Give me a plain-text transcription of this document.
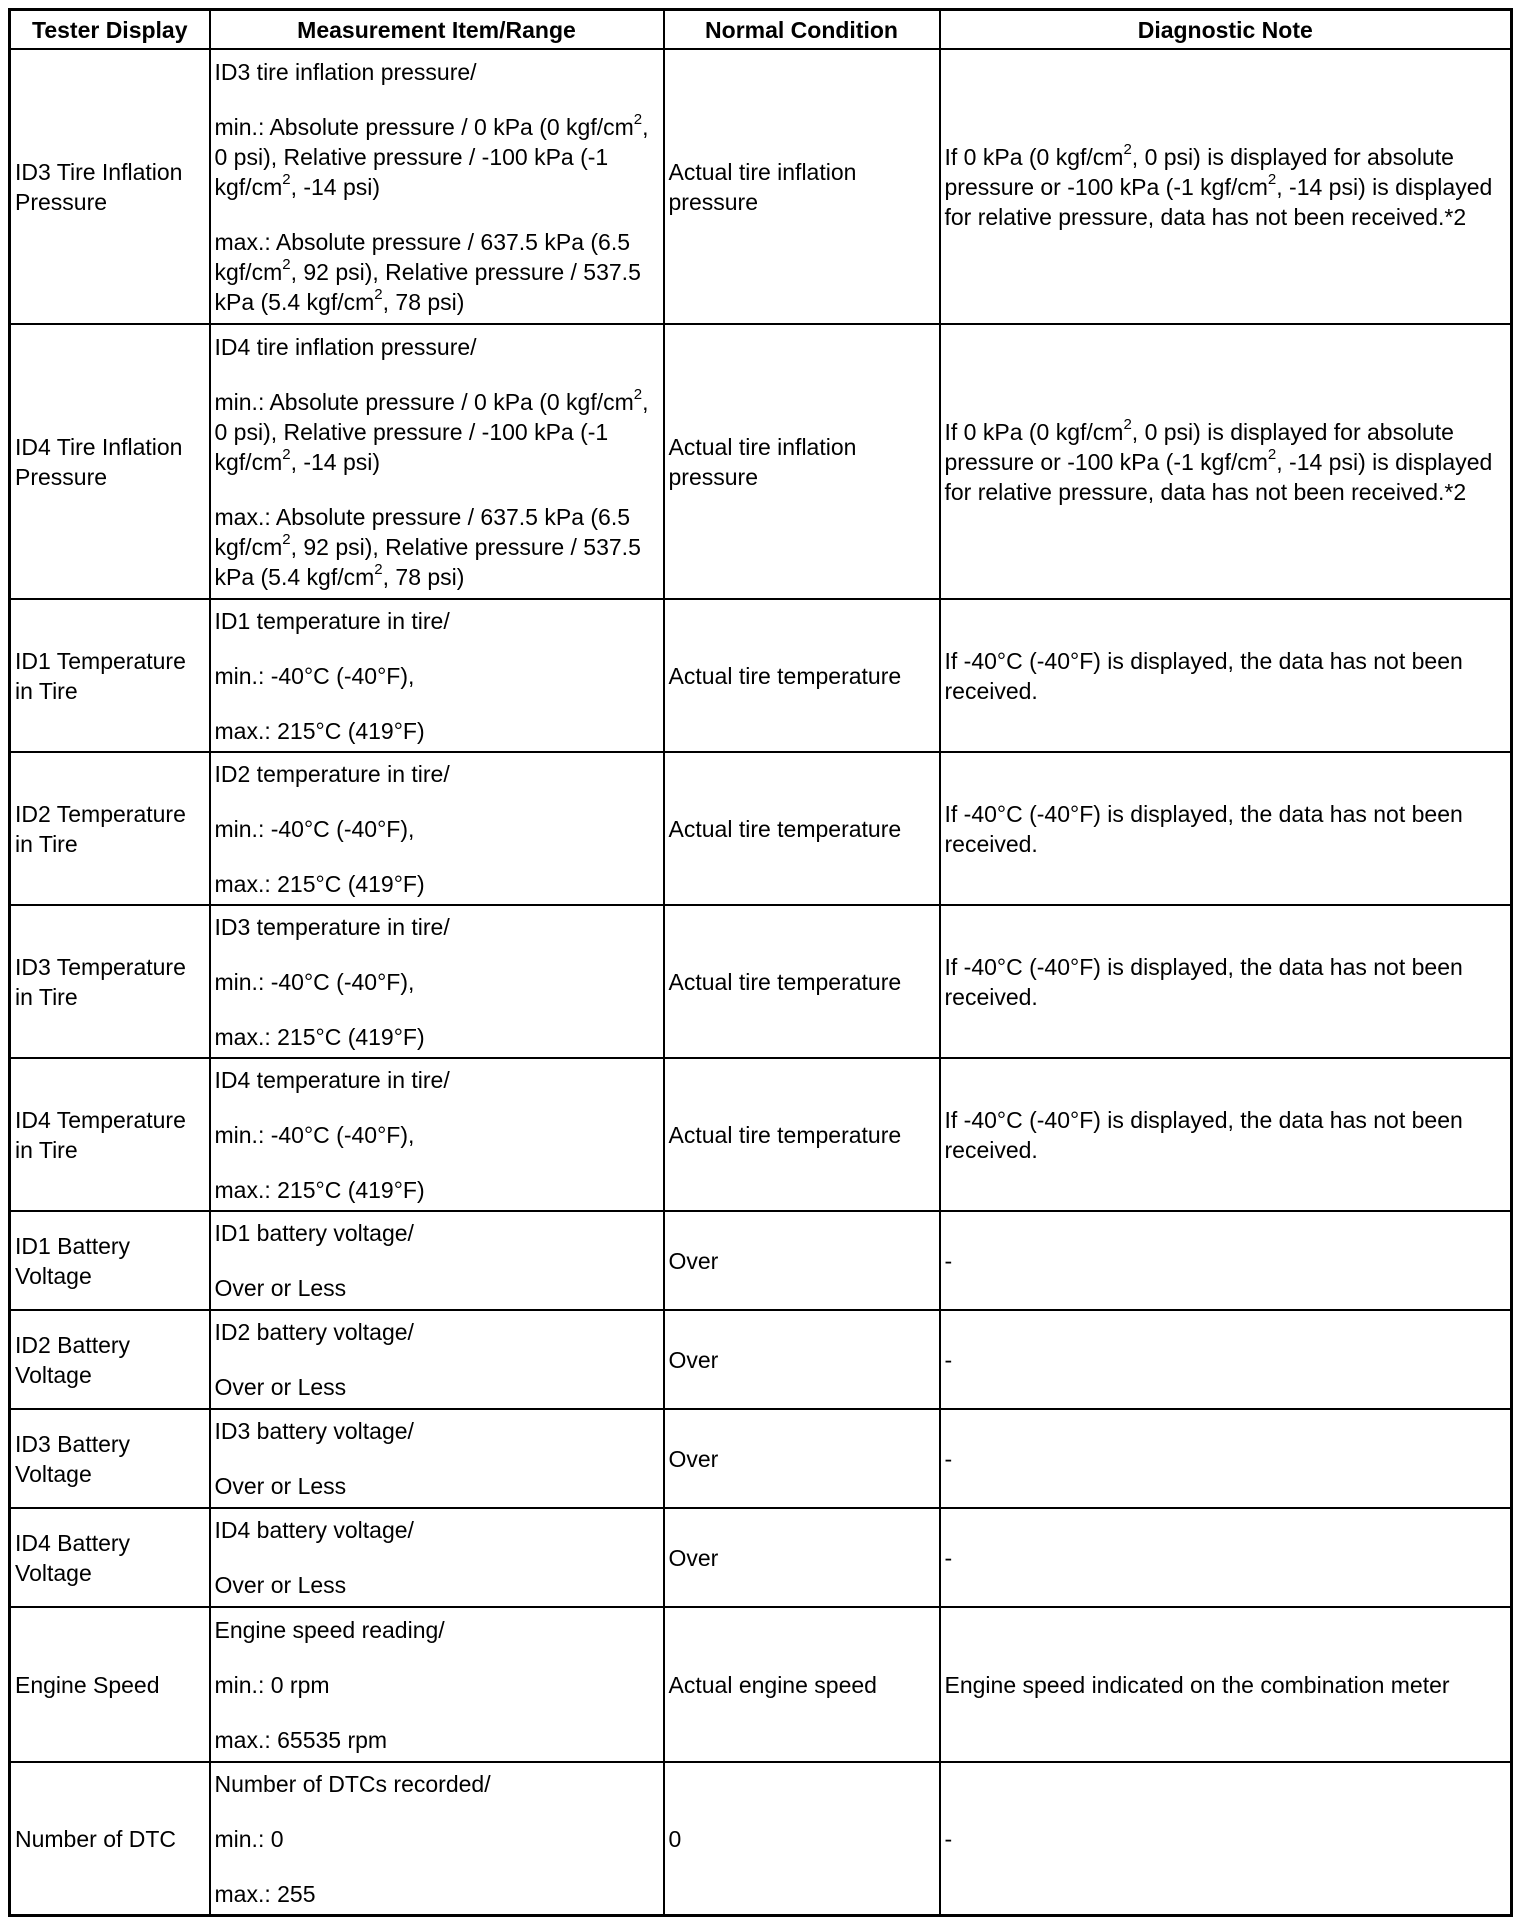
Tester Display	Measurement Item/Range	Normal Condition	Diagnostic Note
ID3 Tire Inflation Pressure	ID3 tire inflation pressure/

min.: Absolute pressure / 0 kPa (0 kgf/$cm^2$, 0 psi), Relative pressure / -100 kPa (-1 kgf/$cm^2$, -14 psi)

max.: Absolute pressure / 637.5 kPa (6.5 kgf/$cm^2$, 92 psi), Relative pressure / 537.5 kPa (5.4 kgf/$cm^2$, 78 psi)	Actual tire inflation pressure	If 0 kPa (0 kgf/$cm^2$, 0 psi) is displayed for absolute pressure or -100 kPa (-1 kgf/$cm^2$, -14 psi) is displayed for relative pressure, data has not been received.*2
ID4 Tire Inflation Pressure	ID4 tire inflation pressure/

min.: Absolute pressure / 0 kPa (0 kgf/$cm^2$, 0 psi), Relative pressure / -100 kPa (-1 kgf/$cm^2$, -14 psi)

max.: Absolute pressure / 637.5 kPa (6.5 kgf/$cm^2$, 92 psi), Relative pressure / 537.5 kPa (5.4 kgf/$cm^2$, 78 psi)	Actual tire inflation pressure	If 0 kPa (0 kgf/$cm^2$, 0 psi) is displayed for absolute pressure or -100 kPa (-1 kgf/$cm^2$, -14 psi) is displayed for relative pressure, data has not been received.*2
ID1 Temperature in Tire	ID1 temperature in tire/

min.: -40°C (-40°F),

max.: 215°C (419°F)	Actual tire temperature	If -40°C (-40°F) is displayed, the data has not been received.
ID2 Temperature in Tire	ID2 temperature in tire/

min.: -40°C (-40°F),

max.: 215°C (419°F)	Actual tire temperature	If -40°C (-40°F) is displayed, the data has not been received.
ID3 Temperature in Tire	ID3 temperature in tire/

min.: -40°C (-40°F),

max.: 215°C (419°F)	Actual tire temperature	If -40°C (-40°F) is displayed, the data has not been received.
ID4 Temperature in Tire	ID4 temperature in tire/

min.: -40°C (-40°F),

max.: 215°C (419°F)	Actual tire temperature	If -40°C (-40°F) is displayed, the data has not been received.
ID1 Battery Voltage	ID1 battery voltage/

Over or Less	Over	-
ID2 Battery Voltage	ID2 battery voltage/

Over or Less	Over	-
ID3 Battery Voltage	ID3 battery voltage/

Over or Less	Over	-
ID4 Battery Voltage	ID4 battery voltage/

Over or Less	Over	-
Engine Speed	Engine speed reading/

min.: 0 rpm

max.: 65535 rpm	Actual engine speed	Engine speed indicated on the combination meter
Number of DTC	Number of DTCs recorded/

min.: 0

max.: 255	0	-
